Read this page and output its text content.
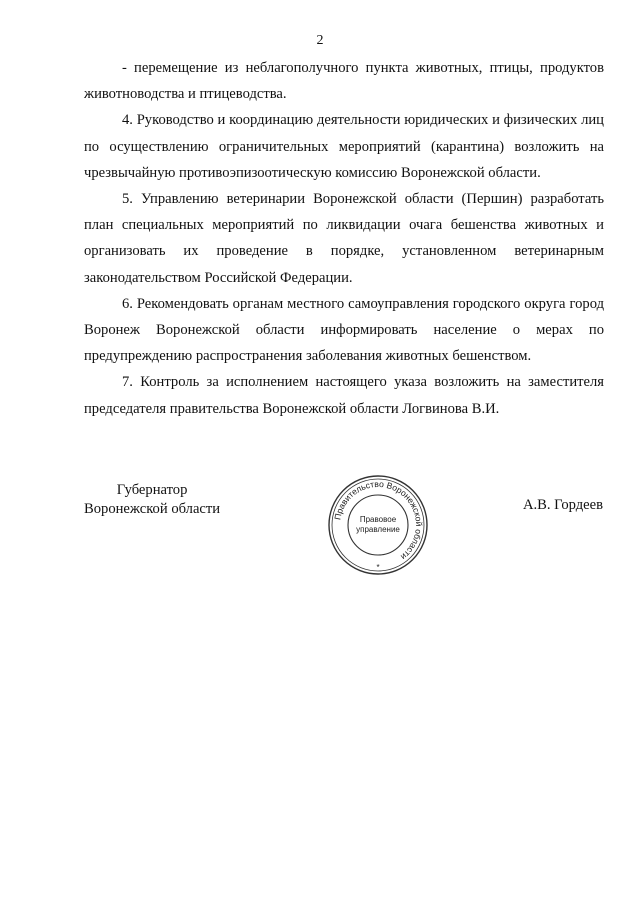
2

- перемещение из неблагополучного пункта животных, птицы, продуктов животноводства и птицеводства.

4. Руководство и координацию деятельности юридических и физических лиц по осуществлению ограничительных мероприятий (карантина) возложить на чрезвычайную противоэпизоотическую комиссию Воронежской области.

5. Управлению ветеринарии Воронежской области (Першин) разработать план специальных мероприятий по ликвидации очага бешенства животных и организовать их проведение в порядке, установленном ветеринарным законодательством Российской Федерации.

6. Рекомендовать органам местного самоуправления городского округа город Воронеж Воронежской области информировать население о мерах по предупреждению распространения заболевания животных бешенством.

7. Контроль за исполнением настоящего указа возложить на заместителя председателя правительства Воронежской области Логвинова В.И.

Губернатор
Воронежской области	Правительство Воронежской области
Правовое
управление
*
А.В. Гордеев
